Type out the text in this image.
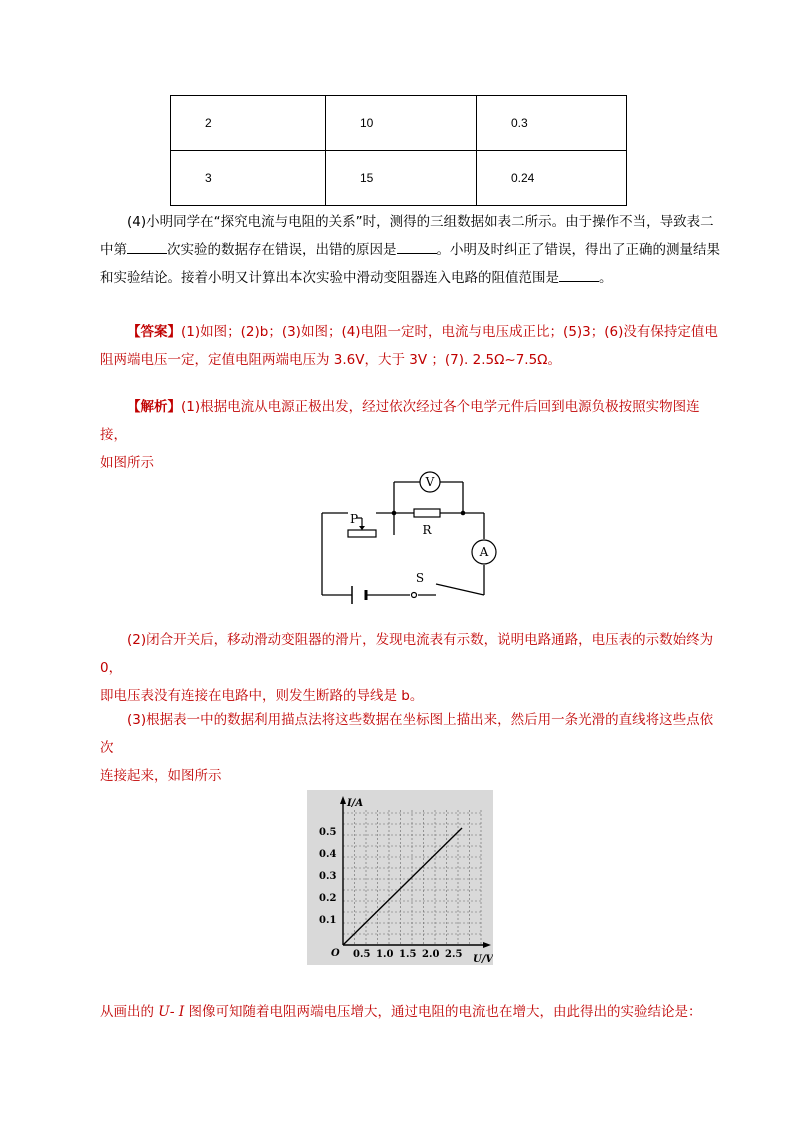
2	10	0.3
3	15	0.24
(4)小明同学在“探究电流与电阻的关系”时，测得的三组数据如表二所示。由于操作不当，导致表二
中第	次实验的数据存在错误，出错的原因是	。小明及时纠正了错误，得出了正确的测量结果
和实验结论。接着小明又计算出本次实验中滑动变阻器连入电路的阻值范围是	。
【答案】(1)如图；(2)b；(3)如图；(4)电阻一定时，电流与电压成正比；(5)3；(6)没有保持定值电
阻两端电压一定，定值电阻两端电压为 3.6V，大于 3V ；(7). 2.5Ω~7.5Ω。
【解析】(1)根据电流从电源正极出发，经过依次经过各个电学元件后回到电源负极按照实物图连接，
如图所示
V
A
R
P
S
(2)闭合开关后，移动滑动变阻器的滑片，发现电流表有示数，说明电路通路，电压表的示数始终为 0，
即电压表没有连接在电路中，则发生断路的导线是 b。
(3)根据表一中的数据利用描点法将这些数据在坐标图上描出来，然后用一条光滑的直线将这些点依次
连接起来，如图所示
I/A
U/V
O
0.5
0.4
0.3
0.2
0.1
0.5 1.0 1.5 2.0 2.5
从画出的 U- I 图像可知随着电阻两端电压增大，通过电阻的电流也在增大，由此得出的实验结论是：
